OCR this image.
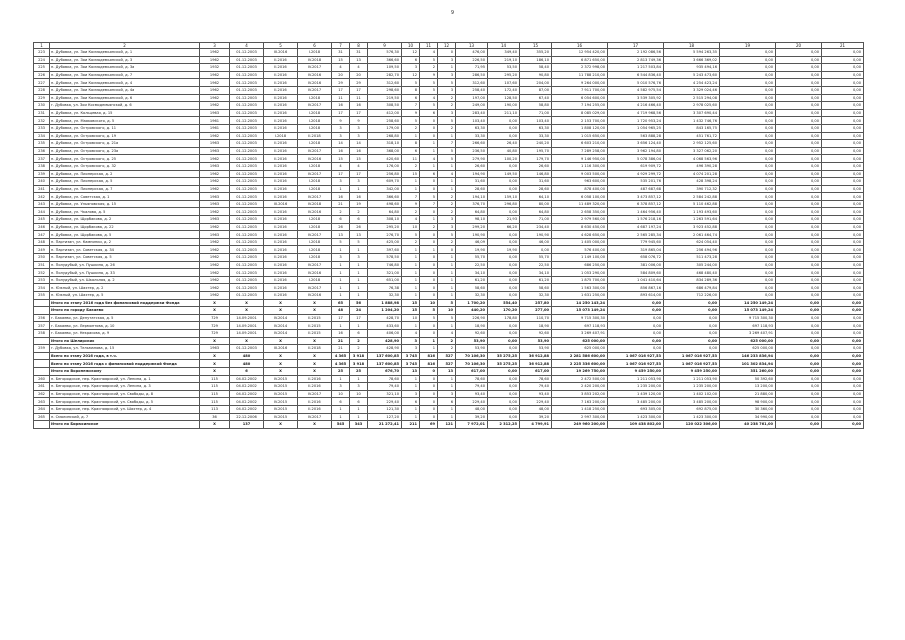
9
1	2	3	4	5	6	7	8	9	10	11	12	13	14	15	16	17	18	19	20	21
223	п. Дубовка, ул. Зои Космодемьянской, д. 1	1962	01.12.2003	III.2016	I.2018	31	31	576,30	12	4	0	476,00	349,40	355,20	12 954 420,00	2 192 086,56	5 594 263,35	0,00	0,00	0,00
224	п. Дубовка, ул. Зои Космодемьянской, д. 3	1962	01.12.2003	II.2016	IV.2018	15	13	366,60	6	5	3	226,50	219,10	186,10	6 871 650,00	2 813 749,36	3 666 369,02	0,00	0,00	0,00
225	п. Дубовка, ул. Зои Космодемьянской, д. 3а	1932	01.12.2003	II.2016	IV.2017	4	4	109,50	3	2	1	71,95	53,50	58,40	2 372 998,00	1 217 503,84	935 494,16	0,00	0,00	0,00
226	п. Дубовка, ул. Зои Космодемьянской, д. 7	1962	01.12.2003	II.2016	IV.2016	20	20	282,70	12	9	3	286,50	295,20	90,80	11 788 210,00	6 544 836,40	5 243 473,60	0,00	0,00	0,00
227	п. Дубовка, ул. Зои Космодемьянской, д. 4	1962	01.12.2003	II.2016	IV.2016	29	29	312,60	5	5	5	312,60	107,60	204,00	9 264 000,00	5 010 576,76	4 254 423,24	0,00	0,00	0,00
228	п. Дубовка, ул. Зои Космодемьянской, д. 4а	1962	01.12.2003	II.2016	IV.2017	17	17	298,60	8	5	3	258,40	172,40	87,00	7 911 700,00	4 582 975,54	3 329 024,46	0,00	0,00	0,00
229	п. Дубовка, ул. Зои Космодемьянской, д. 6	1962	01.12.2003	II.2016	I.2018	11	11	219,50	6	4	2	197,00	128,50	67,40	6 054 600,00	3 539 305,92	2 515 294,08	0,00	0,00	0,00
230	г. Дубовка, ул. Зои Космодемьянской, д. 6	1962	01.12.2003	II.2016	IV.2017	16	16	308,50	7	5	2	249,00	190,00	58,80	7 194 255,00	4 216 466,40	2 978 025,60	0,00	0,00	0,00
231	п. Дубовка, ул. Кольцевая, д. 15	1963	01.12.2003	II.2016	I.2018	17	17	412,00	9	6	3	283,40	211,10	71,00	8 085 029,00	4 719 968,56	3 307 690,44	0,00	0,00	0,00
232	п. Дубовка, ул. Маяковского, д. 5	1961	01.12.2003	II.2016	I.2018	9	9	258,60	5	0	5	103,40	0,00	103,40	2 153 700,00	1 720 953,24	1 432 746,76	0,00	0,00	0,00
233	п. Дубовка, ул. Островского, д. 11	1961	01.12.2003	II.2016	I.2018	3	3	179,00	2	0	2	63,30	0,00	63,30	1 808 120,00	1 054 965,25	843 165,75	0,00	0,00	0,00
234	п. Дубовка, ул. Островского, д. 19	1962	01.12.2003	I.2018	II.2018	3	3	268,80	1	0	1	33,30	0,00	33,30	1 015 650,00	563 888,28	451 761,72	0,00	0,00	0,00
235	п. Дубовка, ул. Островского, д. 21а	1963	01.12.2003	II.2016	I.2018	14	14	318,10	8	1	7	266,60	26,40	240,20	6 603 210,00	3 656 124,40	2 952 125,60	0,00	0,00	0,00
236	п. Дубовка, ул. Островского, д. 23а	1963	01.12.2003	II.2016	IV.2017	16	16	368,00	6	1	5	236,50	40,80	195,70	7 289 258,00	3 962 194,80	3 327 062,20	0,00	0,00	0,00
237	п. Дубовка, ул. Островского, д. 25	1962	01.12.2003	II.2016	IV.2016	15	15	420,60	11	4	5	279,90	100,20	179,70	9 146 950,00	5 078 386,04	4 068 563,96	0,00	0,00	0,00
238	п. Дубовка, ул. Островского, д. 32	1963	01.12.2003	II.2016	I.2018	4	4	176,00	2	1	1	26,60	0,00	26,60	1 116 300,00	619 909,72	496 390,28	0,00	0,00	0,00
239	п. Дубовка, ул. Пионерская, д. 2	1962	01.12.2003	II.2016	IV.2017	17	17	256,80	15	6	4	194,90	149,50	146,80	9 003 500,00	4 929 299,72	4 074 201,28	0,00	0,00	0,00
240	п. Дубовка, ул. Пионерская, д. 5	1962	01.12.2003	II.2016	I.2018	3	3	609,70	1	0	1	31,60	0,00	31,60	963 600,00	535 201,76	428 398,24	0,00	0,00	0,00
241	п. Дубовка, ул. Пионерская, д. 7	1962	01.12.2003	II.2016	I.2018	1	1	342,00	1	0	1	28,60	0,00	28,60	878 400,00	487 687,68	390 712,32	0,00	0,00	0,00
242	п. Дубовка, ул. Советская, д. 1	1963	01.12.2003	II.2016	IV.2017	16	16	366,60	7	5	2	194,10	159,10	64,10	6 058 100,00	3 473 857,12	2 584 242,88	0,00	0,00	0,00
243	п. Дубовка, ул. Ульяновская, д. 15	1963	01.12.2003	III.2016	IV.2018	21	19	498,60	9	7	2	376,70	296,80	80,00	11 489 320,00	6 378 857,12	5 110 462,88	0,00	0,00	0,00
244	п. Дубовка, ул. Чкалова, д. 5	1962	01.12.2003	II.2016	IV.2016	2	2	64,80	2	0	2	64,80	0,00	64,80	2 658 350,00	1 464 956,40	1 193 493,60	0,00	0,00	0,00
245	п. Дубовка, ул. Щорбакова, д. 2	1963	01.12.2003	II.2016	I.2018	6	6	308,10	4	1	3	98,10	21,93	71,00	2 979 560,00	1 576 218,16	1 263 591,64	0,00	0,00	0,00
246	п. Дубовка, ул. Щорбакова, д. 22	1962	01.12.2003	II.2016	I.2018	26	26	295,20	10	2	3	299,20	66,20	234,40	8 630 450,00	4 687 197,24	3 923 452,88	0,00	0,00	0,00
247	п. Дубовка, ул. Щорбакова, д. 5	1963	01.12.2003	II.2016	IV.2017	13	13	276,70	5	0	5	190,90	0,00	190,90	4 628 650,00	2 565 285,34	2 061 464,74	0,00	0,00	0,00
248	п. Партизан, ул. Камнинки, д. 2	1962	01.12.2003	II.2016	I.2018	5	5	425,00	2	0	2	46,09	0,00	46,00	1 405 000,00	779 945,60	624 054,40	0,00	0,00	0,00
249	п. Партизан, ул. Советская, д. 34	1962	01.12.2003	II.2016	I.2018	1	1	397,60	1	1	0	19,90	19,90	0,00	576 400,00	319 865,04	256 494,96	0,00	0,00	0,00
250	п. Партизан, ул. Советская, д. 5	1962	01.12.2003	II.2016	I.2018	3	3	578,50	1	0	1	55,70	0,00	55,70	1 149 100,00	658 076,72	511 473,28	0,00	0,00	0,00
251	п. Полудубый, ул. Пушкина, д. 26	1962	01.12.2003	II.2016	IV.2017	1	1	746,80	1	0	1	22,50	0,00	22,50	686 250,00	381 006,00	305 244,00	0,00	0,00	0,00
252	п. Полудубый, ул. Пушкина, д. 33	1962	01.12.2003	II.2016	IV.2016	1	1	321,00	1	0	1	34,10	0,00	34,10	1 053 290,00	584 809,60	468 480,40	0,00	0,00	0,00
253	п. Полудубый, ул. Школьная, д. 2	1962	01.12.2003	II.2016	I.2018	1	1	651,00	1	0	1	61,20	0,00	61,20	1 875 700,00	1 041 410,64	834 289,36	0,00	0,00	0,00
254	п. Южный, ул. Шахтер, д. 2	1962	01.12.2003	II.2016	IV.2017	1	1	76,38	1	0	1	58,60	0,00	58,60	1 563 300,00	856 867,16	686 479,84	0,00	0,00	0,00
255	п. Южный, ул. Шахтер, д. 5	1962	01.12.2003	II.2016	IV.2016	1	1	32,30	1	0	1	32,30	0,00	32,30	1 631 250,00	893 614,00	712 226,00	0,00	0,00	0,00
	Итого по этапу 2016 года без финансовой поддержки Фонда	X	X	X	X	65	56	1 888,98	15	10	5	1 700,20	554,40	257,80	14 250 143,24	0,00	0,00	14 250 149,24	0,00	0,00
	Итого по городу Бакаево	X	X	X	X	48	24	1 204,20	15	5	10	440,20	170,20	277,00	15 073 149,24	0,00	0,00	15 073 149,24	0,00	0,00
256	г. Бакаево, ул. Депутатская, д. 5	729	14.09.2001	IV.2014	II.2015	17	17	428,70	10	5	5	226,90	178,80	110,70	9 715 300,30	0,00	0,00	9 715 300,30	0,00	0,00
257	г. Бакаево, ул. Лермонтова, д. 10	729	14.09.2001	IV.2014	II.2015	1	1	433,60	1	0	1	18,90	0,00	18,90	697 118,93	0,00	0,00	697 118,93	0,00	0,00
258	г. Бакаево, ул. Некрасова, д. 9	729	14.09.2001	IV.2014	II.2015	16	6	406,00	4	0	4	92,60	0,00	92,60	3 269 407,91	0,00	0,00	3 269 407,91	0,00	0,00
	Итого по Шелирских	X	X	X	X	21	2	428,90	3	1	2	53,90	0,00	53,90	625 000,00	0,00	0,00	625 000,00	0,00	0,00
259	г. Дубовка, ул. Тельманова, д. 15	1963	01.12.2003	III.2016	II.2018	21	2	428,90	3	1	2	53,90	0,00	53,90	625 000,00	0,00	0,00	625 000,00	0,00	0,00
	Всего по этапу 2016 года, в т.ч.	X	480	X	X	4 365	3 918	137 600,85	3 745	816	527	70 106,30	35 275,25	36 912,88	2 281 586 600,00	1 067 016 927,53	1 067 016 927,53	146 233 836,94	0,00	0,00
	Всего по этапу 2016 года с финансовой поддержкой Фонда	X	480	X	X	4 365	3 918	137 600,85	3 745	816	527	70 106,30	35 275,25	36 912,88	2 225 336 600,00	1 067 016 927,53	1 067 016 927,53	101 302 834,94	0,00	0,00
	Итого по Воронежскому	X	6	X	X	25	25	676,70	13	0	13	617,00	0,00	617,00	19 269 750,00	9 459 250,00	9 459 250,00	351 260,00	0,00	0,00
260	п. Бегородское, пер. Красноярский, ул. Ленина, д. 1	115	04.02.2002	IV.2015	II.2016	1	1	78,60	1	0	1	78,60	0,00	78,60	2 472 500,00	1 211 053,90	1 211 053,90	50 392,60	0,00	0,00
261	п. Бегородское, пер. Красноярский, ул. Ленина, д. 3	115	04.02.2002	IV.2015	II.2016	3	3	79,40	1	0	1	79,40	0,00	79,40	2 420 200,00	1 235 200,00	1 235 200,00	13 200,00	0,00	0,00
262	п. Бегородское, пер. Красноярский, ул. Свободы, д. 8	115	04.02.2002	IV.2015	IV.2017	10	10	321,10	3	0	3	93,40	0,00	93,40	3 853 202,00	1 439 120,00	1 402 102,00	21 880,00	0,00	0,00
263	п. Бегородское, пер. Красноярский, ул. Свободы, д. 5	115	04.02.2002	IV.2015	II.2016	6	6	229,40	6	0	6	229,40	0,00	229,40	7 163 200,00	3 485 200,00	3 485 200,00	98 900,00	0,00	0,00
264	п. Бегородское, пер. Красноярский, ул. Шахтер, д. 4	113	04.02.2002	IV.2015	II.2016	1	1	121,30	1	0	1	48,00	0,00	48,00	1 418 250,00	693 305,00	692 875,00	30 360,00	0,00	0,00
265	п. Смолинский, д. 7	36	22.12.2006	IV.2015	IV.2017	1	1	127,20	1	0	1	39,20	0,00	39,20	2 997 300,00	1 423 300,00	1 423 300,00	34 990,00	0,00	0,00
	Итого по Бирюсинское	X	137	X	X	545	343	21 272,41	211	69	121	7 972,01	2 312,25	4 799,91	249 960 200,00	109 438 802,00	120 022 306,00	40 238 761,00	0,00	0,00
